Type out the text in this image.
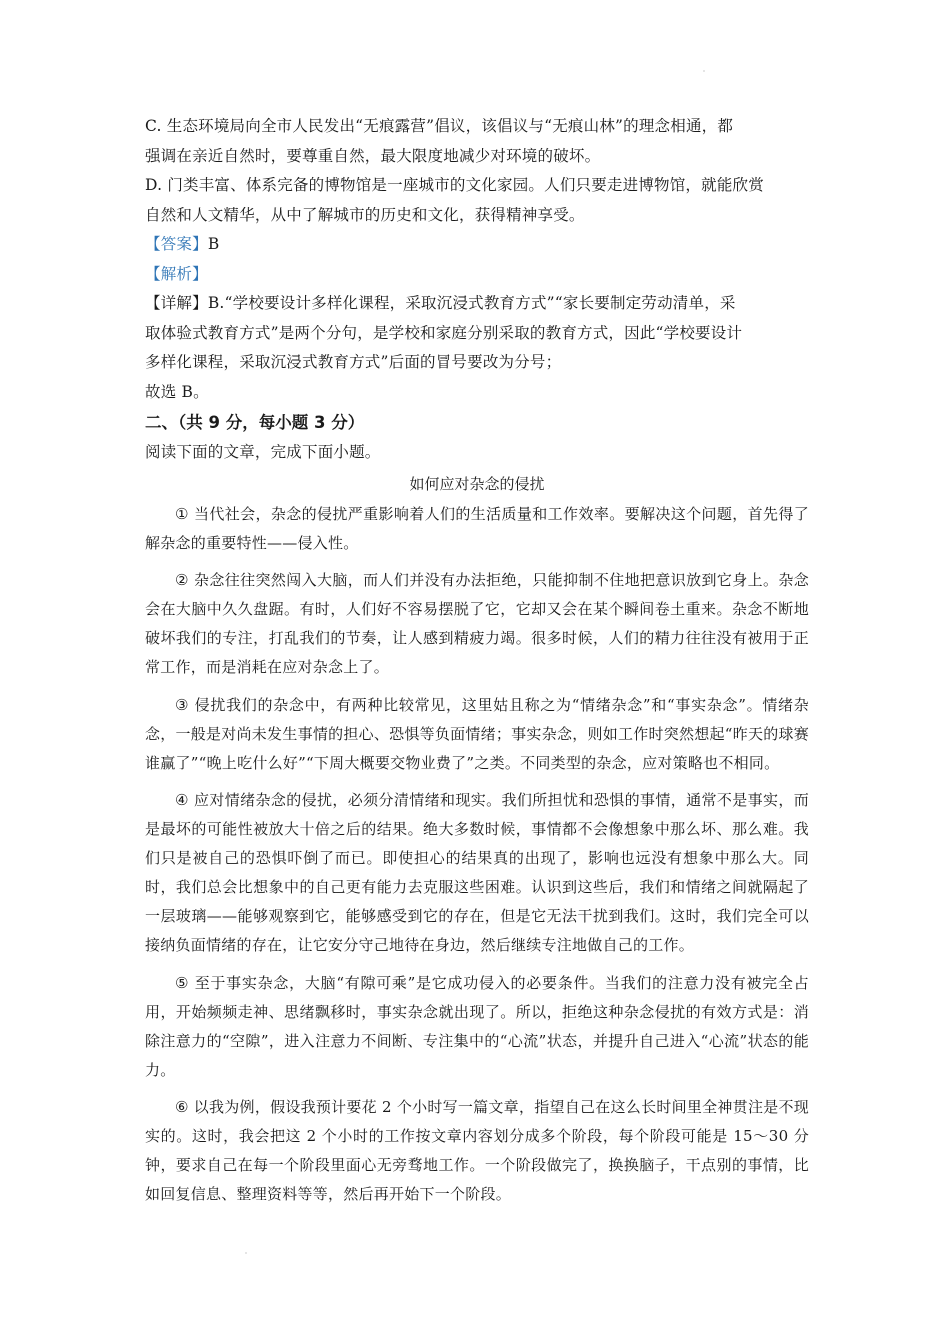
C. 生态环境局向全市人民发出“无痕露营”倡议，该倡议与“无痕山林”的理念相通，都
强调在亲近自然时，要尊重自然，最大限度地减少对环境的破坏。
D. 门类丰富、体系完备的博物馆是一座城市的文化家园。人们只要走进博物馆，就能欣赏
自然和人文精华，从中了解城市的历史和文化，获得精神享受。
【答案】B
【解析】
【详解】B.“学校要设计多样化课程，采取沉浸式教育方式”“家长要制定劳动清单，采
取体验式教育方式”是两个分句，是学校和家庭分别采取的教育方式，因此“学校要设计
多样化课程，采取沉浸式教育方式”后面的冒号要改为分号；
故选 B。
二、（共 9 分，每小题 3 分）
阅读下面的文章，完成下面小题。
如何应对杂念的侵扰
① 当代社会，杂念的侵扰严重影响着人们的生活质量和工作效率。要解决这个问题，首先得了解杂念的重要特性——侵入性。
② 杂念往往突然闯入大脑，而人们并没有办法拒绝，只能抑制不住地把意识放到它身上。杂念会在大脑中久久盘踞。有时，人们好不容易摆脱了它，它却又会在某个瞬间卷土重来。杂念不断地破坏我们的专注，打乱我们的节奏，让人感到精疲力竭。很多时候，人们的精力往往没有被用于正常工作，而是消耗在应对杂念上了。
③ 侵扰我们的杂念中，有两种比较常见，这里姑且称之为“情绪杂念”和“事实杂念”。情绪杂念，一般是对尚未发生事情的担心、恐惧等负面情绪；事实杂念，则如工作时突然想起“昨天的球赛谁赢了”“晚上吃什么好”“下周大概要交物业费了”之类。不同类型的杂念，应对策略也不相同。
④ 应对情绪杂念的侵扰，必须分清情绪和现实。我们所担忧和恐惧的事情，通常不是事实，而是最坏的可能性被放大十倍之后的结果。绝大多数时候，事情都不会像想象中那么坏、那么难。我们只是被自己的恐惧吓倒了而已。即使担心的结果真的出现了，影响也远没有想象中那么大。同时，我们总会比想象中的自己更有能力去克服这些困难。认识到这些后，我们和情绪之间就隔起了一层玻璃——能够观察到它，能够感受到它的存在，但是它无法干扰到我们。这时，我们完全可以接纳负面情绪的存在，让它安分守己地待在身边，然后继续专注地做自己的工作。
⑤ 至于事实杂念，大脑“有隙可乘”是它成功侵入的必要条件。当我们的注意力没有被完全占用，开始频频走神、思绪飘移时，事实杂念就出现了。所以，拒绝这种杂念侵扰的有效方式是：消除注意力的“空隙”，进入注意力不间断、专注集中的“心流”状态，并提升自己进入“心流”状态的能力。
⑥ 以我为例，假设我预计要花 2 个小时写一篇文章，指望自己在这么长时间里全神贯注是不现实的。这时，我会把这 2 个小时的工作按文章内容划分成多个阶段，每个阶段可能是 15～30 分钟，要求自己在每一个阶段里面心无旁骛地工作。一个阶段做完了，换换脑子，干点别的事情，比如回复信息、整理资料等等，然后再开始下一个阶段。
